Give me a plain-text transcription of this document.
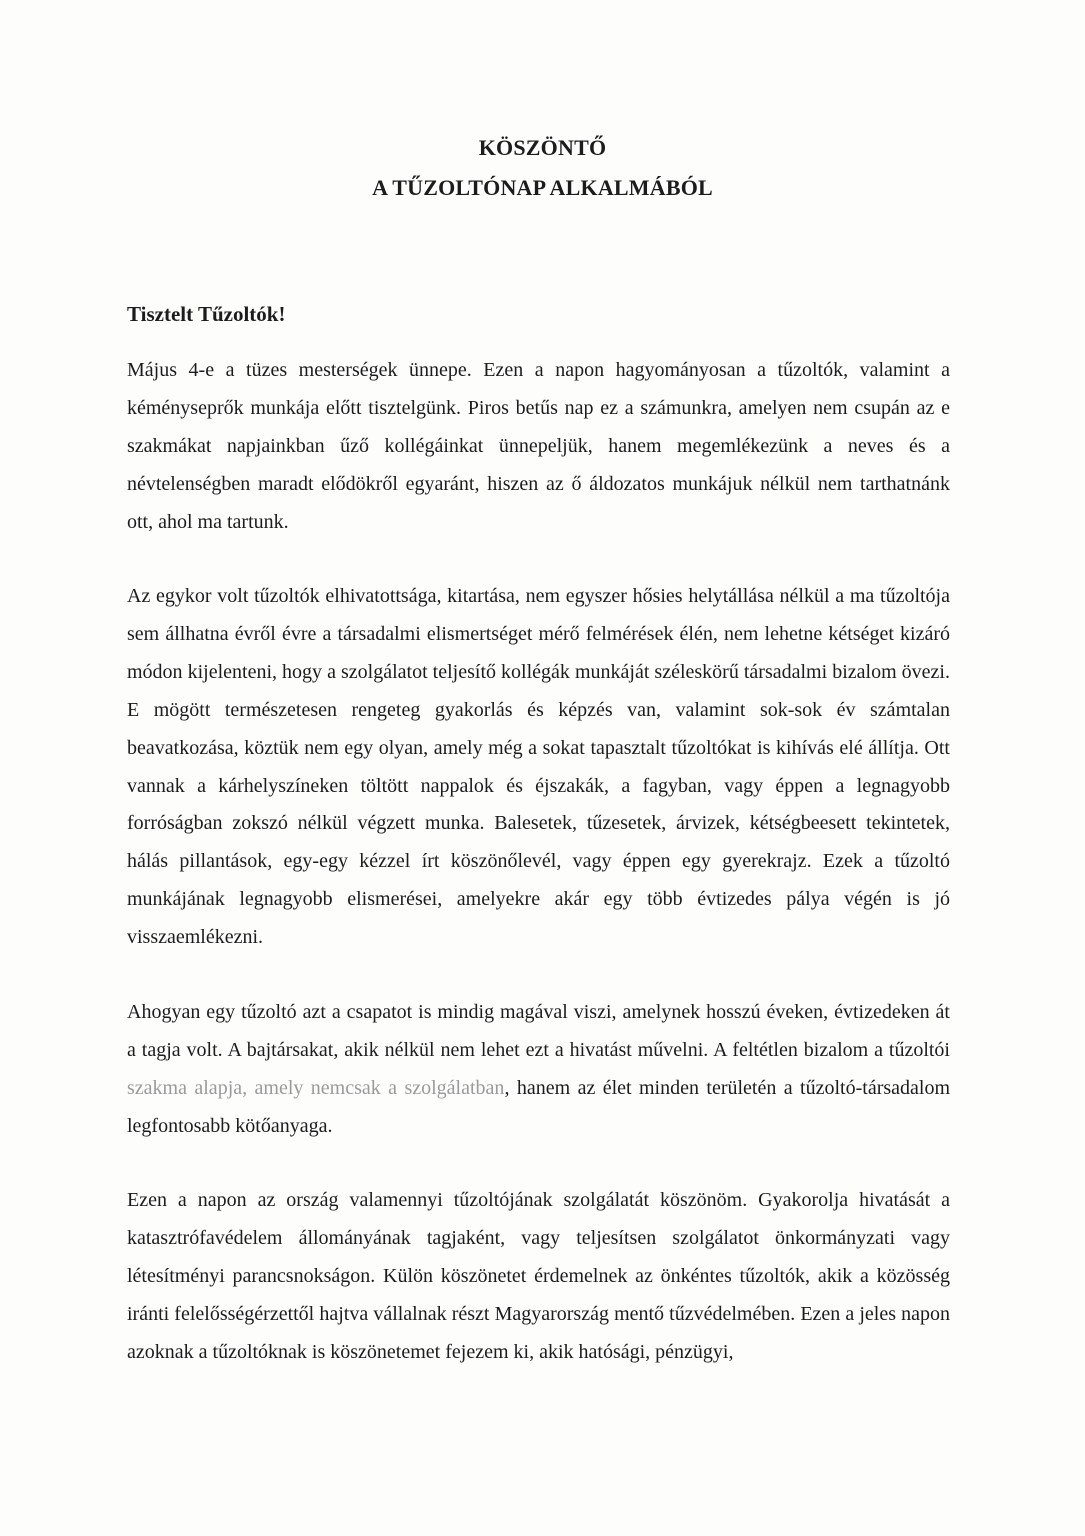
KÖSZÖNTŐ
A TŰZOLTÓNAP ALKALMÁBÓL
Tisztelt Tűzoltók!

Május 4-e a tüzes mesterségek ünnepe. Ezen a napon hagyományosan a tűzoltók, valamint a kéményseprők munkája előtt tisztelgünk. Piros betűs nap ez a számunkra, amelyen nem csupán az e szakmákat napjainkban űző kollégáinkat ünnepeljük, hanem megemlékezünk a neves és a névtelenségben maradt elődökről egyaránt, hiszen az ő áldozatos munkájuk nélkül nem tarthatnánk ott, ahol ma tartunk.

Az egykor volt tűzoltók elhivatottsága, kitartása, nem egyszer hősies helytállása nélkül a ma tűzoltója sem állhatna évről évre a társadalmi elismertséget mérő felmérések élén, nem lehetne kétséget kizáró módon kijelenteni, hogy a szolgálatot teljesítő kollégák munkáját széleskörű társadalmi bizalom övezi. E mögött természetesen rengeteg gyakorlás és képzés van, valamint sok-sok év számtalan beavatkozása, köztük nem egy olyan, amely még a sokat tapasztalt tűzoltókat is kihívás elé állítja. Ott vannak a kárhelyszíneken töltött nappalok és éjszakák, a fagyban, vagy éppen a legnagyobb forróságban zokszó nélkül végzett munka. Balesetek, tűzesetek, árvizek, kétségbeesett tekintetek, hálás pillantások, egy-egy kézzel írt köszönőlevél, vagy éppen egy gyerekrajz. Ezek a tűzoltó munkájának legnagyobb elismerései, amelyekre akár egy több évtizedes pálya végén is jó visszaemlékezni.

Ahogyan egy tűzoltó azt a csapatot is mindig magával viszi, amelynek hosszú éveken, évtizedeken át a tagja volt. A bajtársakat, akik nélkül nem lehet ezt a hivatást művelni. A feltétlen bizalom a tűzoltói szakma alapja, amely nemcsak a szolgálatban, hanem az élet minden területén a tűzoltó-társadalom legfontosabb kötőanyaga.

Ezen a napon az ország valamennyi tűzoltójának szolgálatát köszönöm. Gyakorolja hivatását a katasztrófavédelem állományának tagjaként, vagy teljesítsen szolgálatot önkormányzati vagy létesítményi parancsnokságon. Külön köszönetet érdemelnek az önkéntes tűzoltók, akik a közösség iránti felelősségérzettől hajtva vállalnak részt Magyarország mentő tűzvédelmében. Ezen a jeles napon azoknak a tűzoltóknak is köszönetemet fejezem ki, akik hatósági, pénzügyi,
